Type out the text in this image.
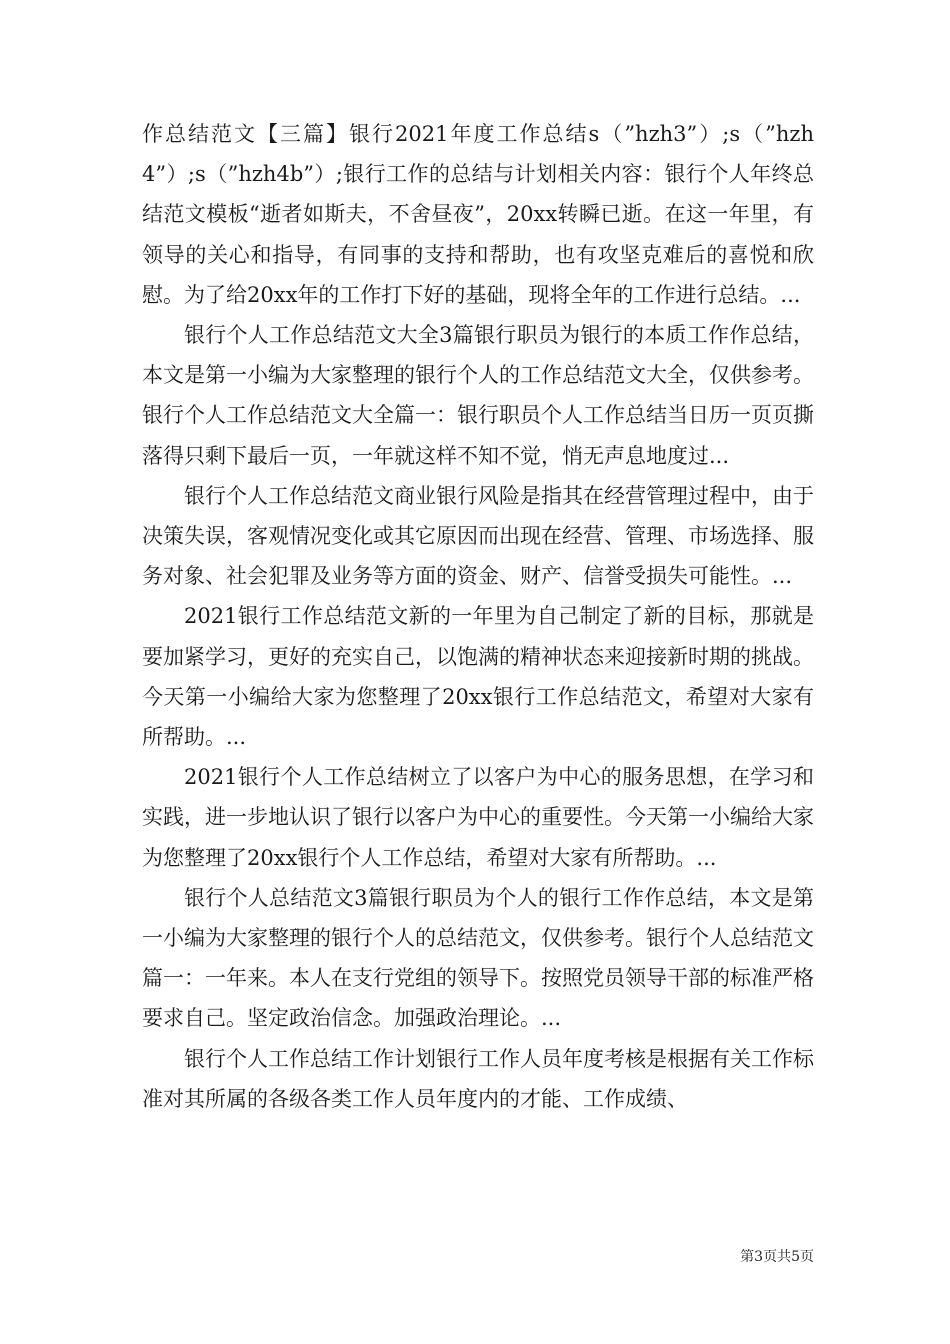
作总结范文【三篇】银行2021年度工作总结s（”hzh3”）;s（”hzh4”）;s（”hzh4b”）;银行工作的总结与计划相关内容：银行个人年终总结范文模板“逝者如斯夫，不舍昼夜”，20xx转瞬已逝。在这一年里，有领导的关心和指导，有同事的支持和帮助，也有攻坚克难后的喜悦和欣慰。为了给20xx年的工作打下好的基础，现将全年的工作进行总结。...

银行个人工作总结范文大全3篇银行职员为银行的本质工作作总结，本文是第一小编为大家整理的银行个人的工作总结范文大全，仅供参考。银行个人工作总结范文大全篇一：银行职员个人工作总结当日历一页页撕落得只剩下最后一页，一年就这样不知不觉，悄无声息地度过...

银行个人工作总结范文商业银行风险是指其在经营管理过程中，由于决策失误，客观情况变化或其它原因而出现在经营、管理、市场选择、服务对象、社会犯罪及业务等方面的资金、财产、信誉受损失可能性。...

2021银行工作总结范文新的一年里为自己制定了新的目标，那就是要加紧学习，更好的充实自己，以饱满的精神状态来迎接新时期的挑战。今天第一小编给大家为您整理了20xx银行工作总结范文，希望对大家有所帮助。...

2021银行个人工作总结树立了以客户为中心的服务思想，在学习和实践，进一步地认识了银行以客户为中心的重要性。今天第一小编给大家为您整理了20xx银行个人工作总结，希望对大家有所帮助。...

银行个人总结范文3篇银行职员为个人的银行工作作总结，本文是第一小编为大家整理的银行个人的总结范文，仅供参考。银行个人总结范文篇一：一年来。本人在支行党组的领导下。按照党员领导干部的标准严格要求自己。坚定政治信念。加强政治理论。...

银行个人工作总结工作计划银行工作人员年度考核是根据有关工作标准对其所属的各级各类工作人员年度内的才能、工作成绩、

第3页共5页
